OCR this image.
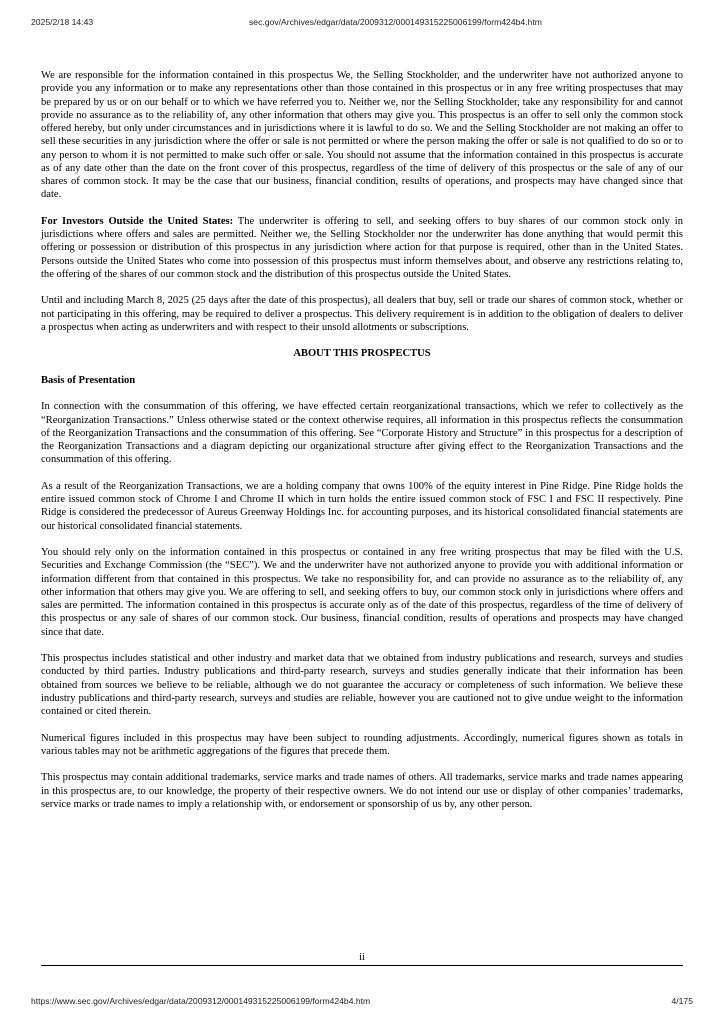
2025/2/18 14:43	sec.gov/Archives/edgar/data/2009312/000149315225006199/form424b4.htm

We are responsible for the information contained in this prospectus We, the Selling Stockholder, and the underwriter have not authorized anyone to provide you any information or to make any representations other than those contained in this prospectus or in any free writing prospectuses that may be prepared by us or on our behalf or to which we have referred you to. Neither we, nor the Selling Stockholder, take any responsibility for and cannot provide no assurance as to the reliability of, any other information that others may give you. This prospectus is an offer to sell only the common stock offered hereby, but only under circumstances and in jurisdictions where it is lawful to do so. We and the Selling Stockholder are not making an offer to sell these securities in any jurisdiction where the offer or sale is not permitted or where the person making the offer or sale is not qualified to do so or to any person to whom it is not permitted to make such offer or sale. You should not assume that the information contained in this prospectus is accurate as of any date other than the date on the front cover of this prospectus, regardless of the time of delivery of this prospectus or the sale of any of our shares of common stock. It may be the case that our business, financial condition, results of operations, and prospects may have changed since that date.

For Investors Outside the United States: The underwriter is offering to sell, and seeking offers to buy shares of our common stock only in jurisdictions where offers and sales are permitted. Neither we, the Selling Stockholder nor the underwriter has done anything that would permit this offering or possession or distribution of this prospectus in any jurisdiction where action for that purpose is required, other than in the United States. Persons outside the United States who come into possession of this prospectus must inform themselves about, and observe any restrictions relating to, the offering of the shares of our common stock and the distribution of this prospectus outside the United States.

Until and including March 8, 2025 (25 days after the date of this prospectus), all dealers that buy, sell or trade our shares of common stock, whether or not participating in this offering, may be required to deliver a prospectus. This delivery requirement is in addition to the obligation of dealers to deliver a prospectus when acting as underwriters and with respect to their unsold allotments or subscriptions.

ABOUT THIS PROSPECTUS

Basis of Presentation

In connection with the consummation of this offering, we have effected certain reorganizational transactions, which we refer to collectively as the “Reorganization Transactions.” Unless otherwise stated or the context otherwise requires, all information in this prospectus reflects the consummation of the Reorganization Transactions and the consummation of this offering. See “Corporate History and Structure” in this prospectus for a description of the Reorganization Transactions and a diagram depicting our organizational structure after giving effect to the Reorganization Transactions and the consummation of this offering.

As a result of the Reorganization Transactions, we are a holding company that owns 100% of the equity interest in Pine Ridge. Pine Ridge holds the entire issued common stock of Chrome I and Chrome II which in turn holds the entire issued common stock of FSC I and FSC II respectively. Pine Ridge is considered the predecessor of Aureus Greenway Holdings Inc. for accounting purposes, and its historical consolidated financial statements are our historical consolidated financial statements.

You should rely only on the information contained in this prospectus or contained in any free writing prospectus that may be filed with the U.S. Securities and Exchange Commission (the “SEC”). We and the underwriter have not authorized anyone to provide you with additional information or information different from that contained in this prospectus. We take no responsibility for, and can provide no assurance as to the reliability of, any other information that others may give you. We are offering to sell, and seeking offers to buy, our common stock only in jurisdictions where offers and sales are permitted. The information contained in this prospectus is accurate only as of the date of this prospectus, regardless of the time of delivery of this prospectus or any sale of shares of our common stock. Our business, financial condition, results of operations and prospects may have changed since that date.

This prospectus includes statistical and other industry and market data that we obtained from industry publications and research, surveys and studies conducted by third parties. Industry publications and third-party research, surveys and studies generally indicate that their information has been obtained from sources we believe to be reliable, although we do not guarantee the accuracy or completeness of such information. We believe these industry publications and third-party research, surveys and studies are reliable, however you are cautioned not to give undue weight to the information contained or cited therein.

Numerical figures included in this prospectus may have been subject to rounding adjustments. Accordingly, numerical figures shown as totals in various tables may not be arithmetic aggregations of the figures that precede them.

This prospectus may contain additional trademarks, service marks and trade names of others. All trademarks, service marks and trade names appearing in this prospectus are, to our knowledge, the property of their respective owners. We do not intend our use or display of other companies’ trademarks, service marks or trade names to imply a relationship with, or endorsement or sponsorship of us by, any other person.

ii
https://www.sec.gov/Archives/edgar/data/2009312/000149315225006199/form424b4.htm	4/175
